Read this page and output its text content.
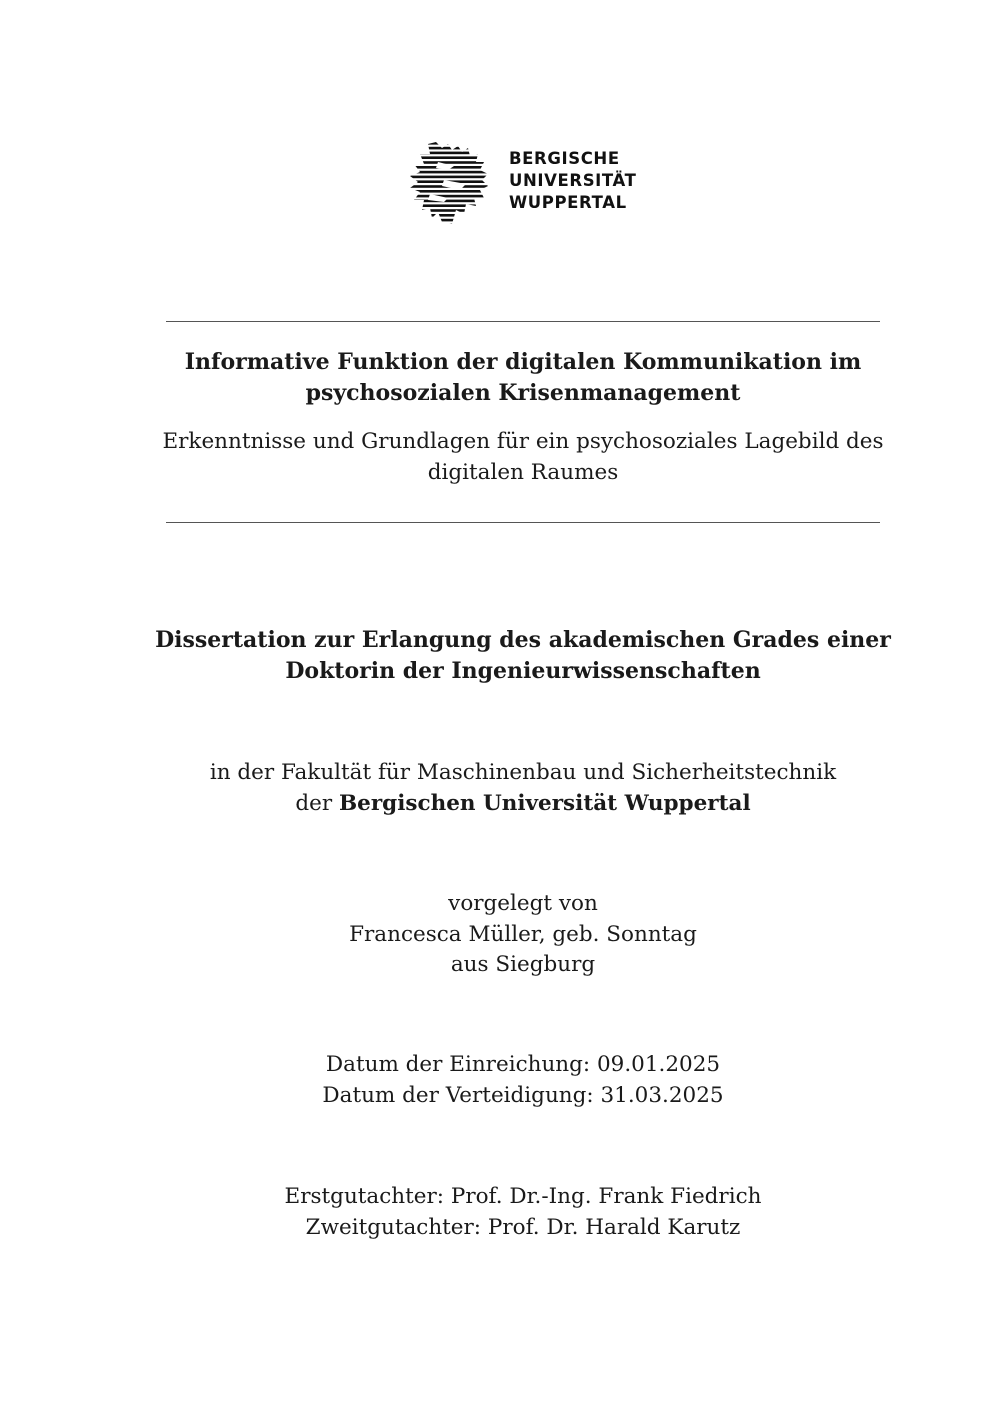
BERGISCHE
UNIVERSITÄT
WUPPERTAL
Informative Funktion der digitalen Kommunikation im
psychosozialen Krisenmanagement
Erkenntnisse und Grundlagen für ein psychosoziales Lagebild des
digitalen Raumes
Dissertation zur Erlangung des akademischen Grades einer
Doktorin der Ingenieurwissenschaften
in der Fakultät für Maschinenbau und Sicherheitstechnik
der Bergischen Universität Wuppertal
vorgelegt von
Francesca Müller, geb. Sonntag
aus Siegburg
Datum der Einreichung: 09.01.2025
Datum der Verteidigung: 31.03.2025
Erstgutachter: Prof. Dr.-Ing. Frank Fiedrich
Zweitgutachter: Prof. Dr. Harald Karutz
